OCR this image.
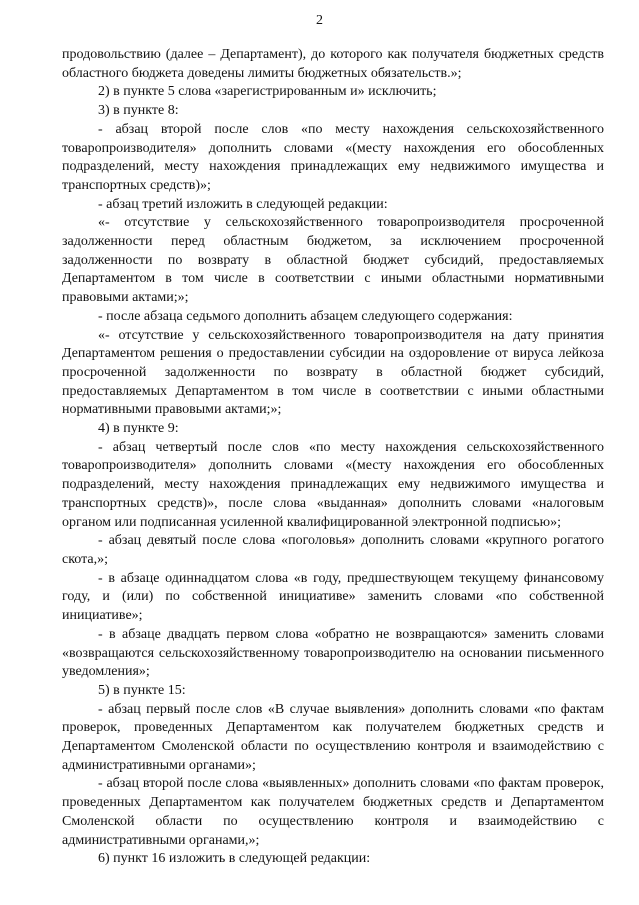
2

продовольствию (далее – Департамент), до которого как получателя бюджетных средств областного бюджета доведены лимиты бюджетных обязательств.»;

2) в пункте 5 слова «зарегистрированным и» исключить;

3) в пункте 8:

- абзац второй после слов «по месту нахождения сельскохозяйственного товаропроизводителя» дополнить словами «(месту нахождения его обособленных подразделений, месту нахождения принадлежащих ему недвижимого имущества и транспортных средств)»;

- абзац третий изложить в следующей редакции:

«- отсутствие у сельскохозяйственного товаропроизводителя просроченной задолженности перед областным бюджетом, за исключением просроченной задолженности по возврату в областной бюджет субсидий, предоставляемых Департаментом в том числе в соответствии с иными областными нормативными правовыми актами;»;

- после абзаца седьмого дополнить абзацем следующего содержания:

«- отсутствие у сельскохозяйственного товаропроизводителя на дату принятия Департаментом решения о предоставлении субсидии на оздоровление от вируса лейкоза просроченной задолженности по возврату в областной бюджет субсидий, предоставляемых Департаментом в том числе в соответствии с иными областными нормативными правовыми актами;»;

4) в пункте 9:

- абзац четвертый после слов «по месту нахождения сельскохозяйственного товаропроизводителя» дополнить словами «(месту нахождения его обособленных подразделений, месту нахождения принадлежащих ему недвижимого имущества и транспортных средств)», после слова «выданная» дополнить словами «налоговым органом или подписанная усиленной квалифицированной электронной подписью»;

- абзац девятый после слова «поголовья» дополнить словами «крупного рогатого скота,»;

- в абзаце одиннадцатом слова «в году, предшествующем текущему финансовому году, и (или) по собственной инициативе» заменить словами «по собственной инициативе»;

- в абзаце двадцать первом слова «обратно не возвращаются» заменить словами «возвращаются сельскохозяйственному товаропроизводителю на основании письменного уведомления»;

5) в пункте 15:

- абзац первый после слов «В случае выявления» дополнить словами «по фактам проверок, проведенных Департаментом как получателем бюджетных средств и Департаментом Смоленской области по осуществлению контроля и взаимодействию с административными органами»;

- абзац второй после слова «выявленных» дополнить словами «по фактам проверок, проведенных Департаментом как получателем бюджетных средств и Департаментом Смоленской области по осуществлению контроля и взаимодействию с административными органами,»;

6) пункт 16 изложить в следующей редакции:
